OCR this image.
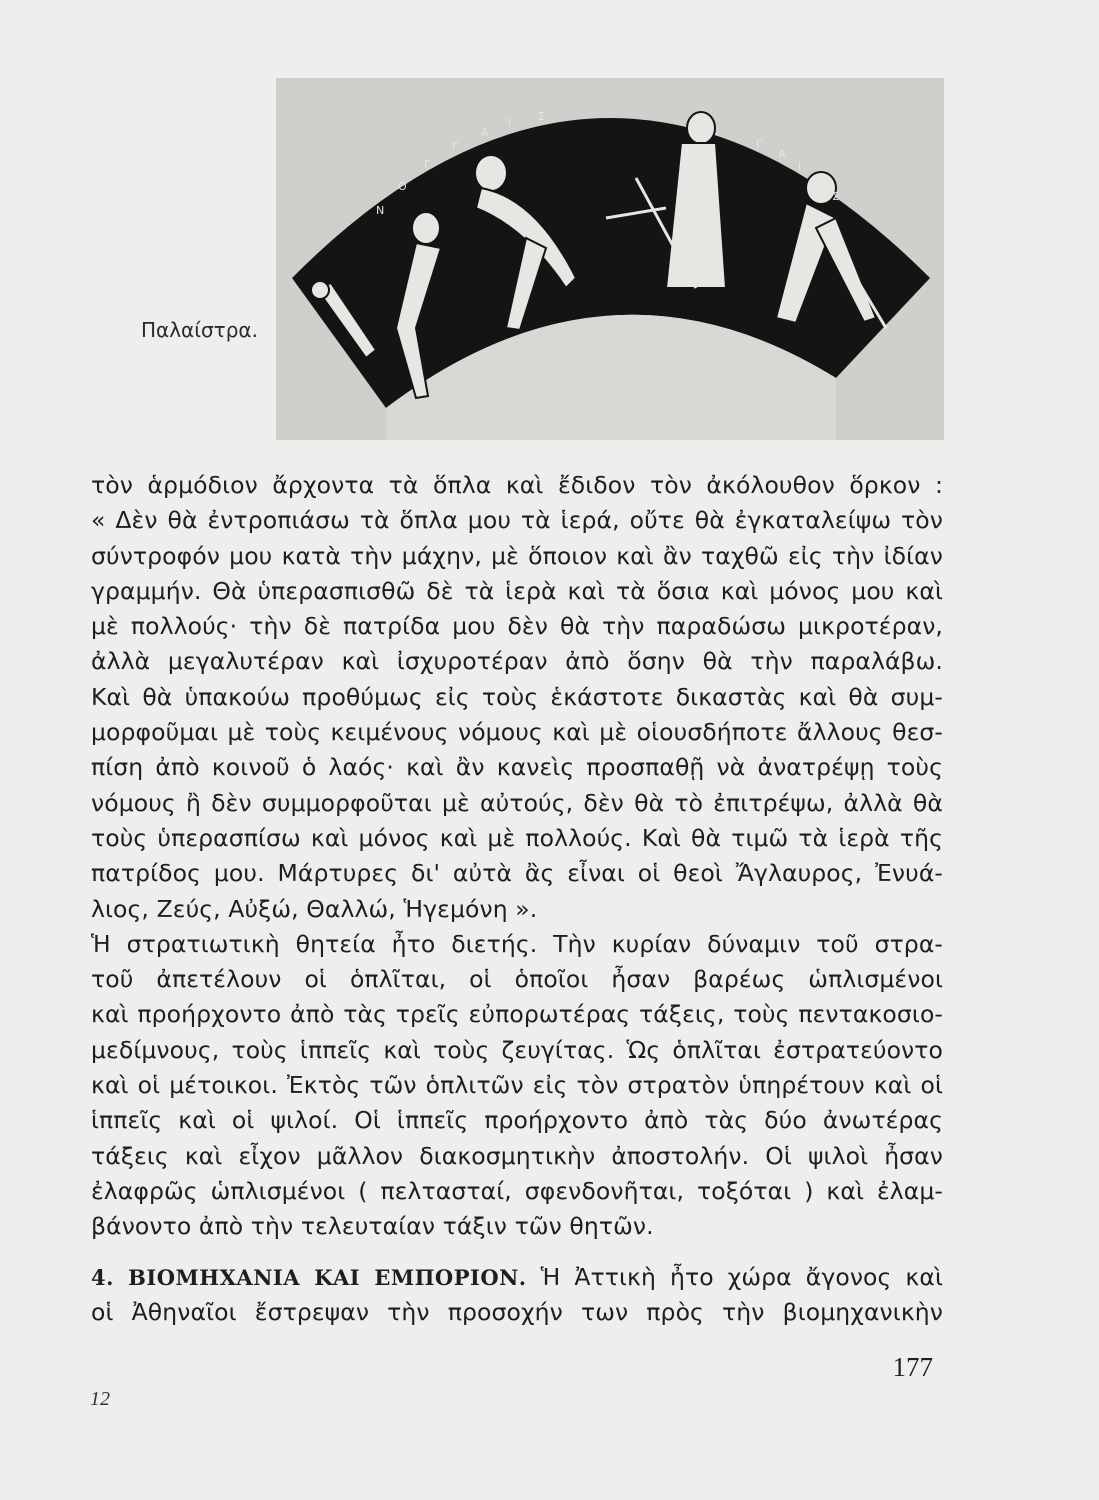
Ν
Ο
Γ
Γ
Α
Ι Σ
Γ
Α
Ι
Ο
Σ
Παλαίστρα.
τὸν ἁρμόδιον ἄρχοντα τὰ ὅπλα καὶ ἔδιδον τὸν ἀκόλουθον ὅρκον :
« Δὲν θὰ ἐντροπιάσω τὰ ὅπλα μου τὰ ἱερά, οὔτε θὰ ἐγκαταλείψω τὸν
σύντροφόν μου κατὰ τὴν μάχην, μὲ ὅποιον καὶ ἂν ταχθῶ εἰς τὴν ἰδίαν
γραμμήν. Θὰ ὑπερασπισθῶ δὲ τὰ ἱερὰ καὶ τὰ ὅσια καὶ μόνος μου καὶ
μὲ πολλούς· τὴν δὲ πατρίδα μου δὲν θὰ τὴν παραδώσω μικροτέραν,
ἀλλὰ μεγαλυτέραν καὶ ἰσχυροτέραν ἀπὸ ὅσην θὰ τὴν παραλάβω.
Καὶ θὰ ὑπακούω προθύμως εἰς τοὺς ἑκάστοτε δικαστὰς καὶ θὰ συμ-
μορφοῦμαι μὲ τοὺς κειμένους νόμους καὶ μὲ οἱουσδήποτε ἄλλους θεσ-
πίση ἀπὸ κοινοῦ ὁ λαός· καὶ ἂν κανεὶς προσπαθῇ νὰ ἀνατρέψῃ τοὺς
νόμους ἢ δὲν συμμορφοῦται μὲ αὐτούς, δὲν θὰ τὸ ἐπιτρέψω, ἀλλὰ θὰ
τοὺς ὑπερασπίσω καὶ μόνος καὶ μὲ πολλούς. Καὶ θὰ τιμῶ τὰ ἱερὰ τῆς
πατρίδος μου. Μάρτυρες δι' αὐτὰ ἂς εἶναι οἱ θεοὶ Ἄγλαυρος, Ἐνυά-
λιος, Ζεύς, Αὐξώ, Θαλλώ, Ἡγεμόνη ».
Ἡ στρατιωτικὴ θητεία ἦτο διετής. Τὴν κυρίαν δύναμιν τοῦ στρα-
τοῦ ἀπετέλουν οἱ ὁπλῖται, οἱ ὁποῖοι ἦσαν βαρέως ὡπλισμένοι
καὶ προήρχοντο ἀπὸ τὰς τρεῖς εὐπορωτέρας τάξεις, τοὺς πεντακοσιο-
μεδίμνους, τοὺς ἱππεῖς καὶ τοὺς ζευγίτας. Ὡς ὁπλῖται ἐστρατεύοντο
καὶ οἱ μέτοικοι. Ἐκτὸς τῶν ὁπλιτῶν εἰς τὸν στρατὸν ὑπηρέτουν καὶ οἱ
ἱππεῖς καὶ οἱ ψιλοί. Οἱ ἱππεῖς προήρχοντο ἀπὸ τὰς δύο ἀνωτέρας
τάξεις καὶ εἶχον μᾶλλον διακοσμητικὴν ἀποστολήν. Οἱ ψιλοὶ ἦσαν
ἐλαφρῶς ὡπλισμένοι ( πελτασταί, σφενδονῆται, τοξόται ) καὶ ἐλαμ-
βάνοντο ἀπὸ τὴν τελευταίαν τάξιν τῶν θητῶν.
4. ΒΙΟΜΗΧΑΝΙΑ ΚΑΙ ΕΜΠΟΡΙΟΝ. Ἡ Ἀττικὴ ἦτο χώρα ἄγονος καὶ
οἱ Ἀθηναῖοι ἔστρεψαν τὴν προσοχήν των πρὸς τὴν βιομηχανικὴν
177
12
